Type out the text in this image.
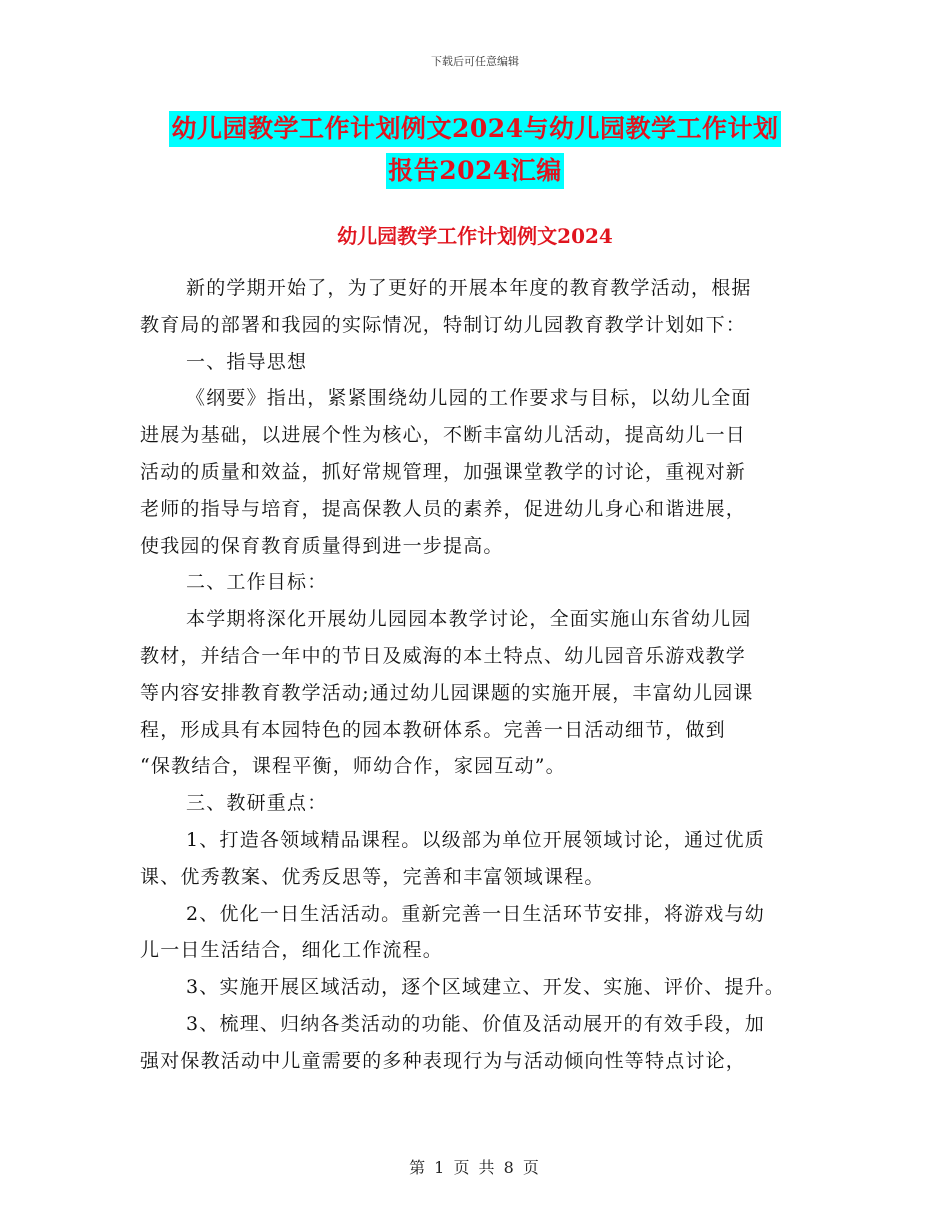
下载后可任意编辑
幼儿园教学工作计划例文2024与幼儿园教学工作计划
报告2024汇编
幼儿园教学工作计划例文2024
新的学期开始了，为了更好的开展本年度的教育教学活动，根据
教育局的部署和我园的实际情况，特制订幼儿园教育教学计划如下：
一、指导思想
《纲要》指出，紧紧围绕幼儿园的工作要求与目标，以幼儿全面
进展为基础，以进展个性为核心，不断丰富幼儿活动，提高幼儿一日
活动的质量和效益，抓好常规管理，加强课堂教学的讨论，重视对新
老师的指导与培育，提高保教人员的素养，促进幼儿身心和谐进展，
使我园的保育教育质量得到进一步提高。
二、工作目标：
本学期将深化开展幼儿园园本教学讨论，全面实施山东省幼儿园
教材，并结合一年中的节日及威海的本土特点、幼儿园音乐游戏教学
等内容安排教育教学活动;通过幼儿园课题的实施开展，丰富幼儿园课
程，形成具有本园特色的园本教研体系。完善一日活动细节，做到
“保教结合，课程平衡，师幼合作，家园互动”。
三、教研重点：
1、打造各领域精品课程。以级部为单位开展领域讨论，通过优质
课、优秀教案、优秀反思等，完善和丰富领域课程。
2、优化一日生活活动。重新完善一日生活环节安排，将游戏与幼
儿一日生活结合，细化工作流程。
3、实施开展区域活动，逐个区域建立、开发、实施、评价、提升。
3、梳理、归纳各类活动的功能、价值及活动展开的有效手段，加
强对保教活动中儿童需要的多种表现行为与活动倾向性等特点讨论，
第 1 页 共 8 页
